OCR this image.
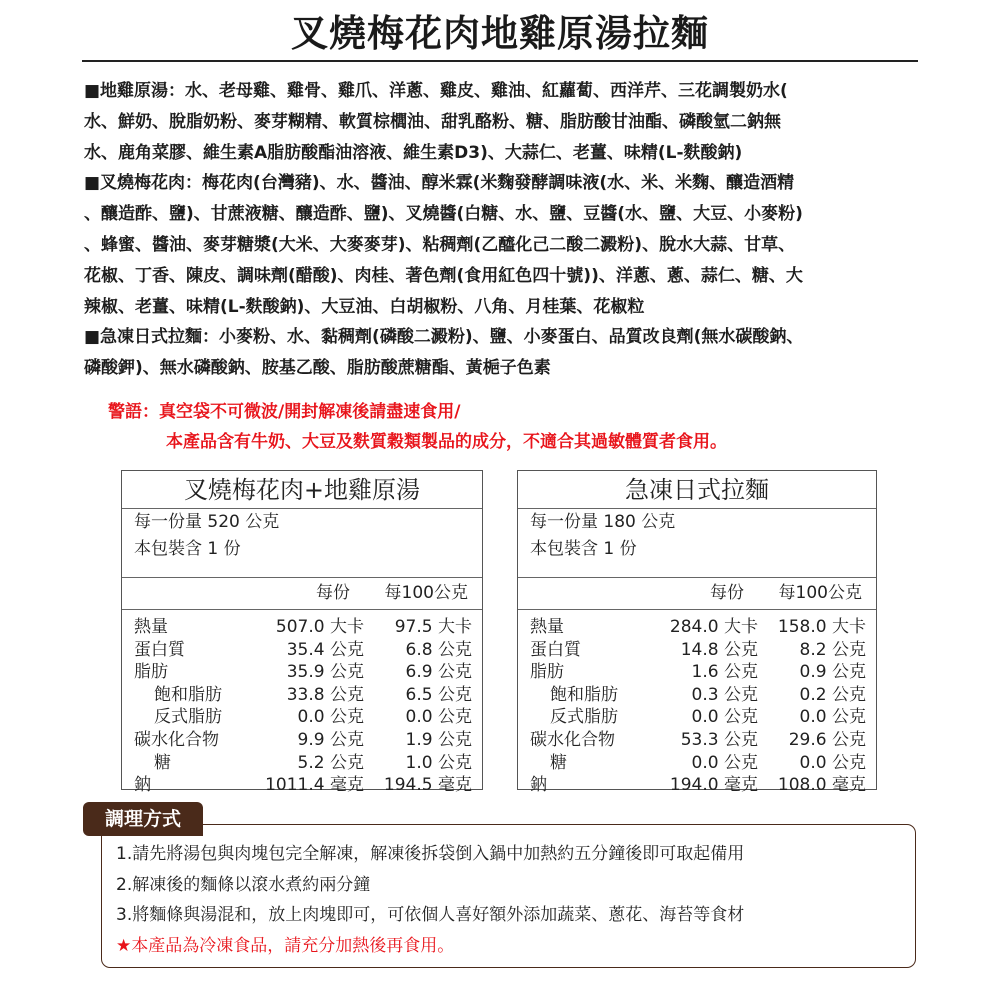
叉燒梅花肉地雞原湯拉麵
■地雞原湯：水、老母雞、雞骨、雞爪、洋蔥、雞皮、雞油、紅蘿蔔、西洋芹、三花調製奶水(
水、鮮奶、脫脂奶粉、麥芽糊精、軟質棕櫚油、甜乳酪粉、糖、脂肪酸甘油酯、磷酸氫二鈉無
水、鹿角菜膠、維生素A脂肪酸酯油溶液、維生素D3)、大蒜仁、老薑、味精(L-麩酸鈉)
■叉燒梅花肉：梅花肉(台灣豬)、水、醬油、醇米霖(米麴發酵調味液(水、米、米麴、釀造酒精
、釀造酢、鹽)、甘蔗液糖、釀造酢、鹽)、叉燒醬(白糖、水、鹽、豆醬(水、鹽、大豆、小麥粉)
、蜂蜜、醬油、麥芽糖漿(大米、大麥麥芽)、粘稠劑(乙醯化己二酸二澱粉)、脫水大蒜、甘草、
花椒、丁香、陳皮、調味劑(醋酸)、肉桂、著色劑(食用紅色四十號))、洋蔥、蔥、蒜仁、糖、大
辣椒、老薑、味精(L-麩酸鈉)、大豆油、白胡椒粉、八角、月桂葉、花椒粒
■急凍日式拉麵：小麥粉、水、黏稠劑(磷酸二澱粉)、鹽、小麥蛋白、品質改良劑(無水碳酸鈉、
磷酸鉀)、無水磷酸鈉、胺基乙酸、脂肪酸蔗糖酯、黃梔子色素
警語：真空袋不可微波/開封解凍後請盡速食用/
本產品含有牛奶、大豆及麩質穀類製品的成分，不適合其過敏體質者食用。
叉燒梅花肉+地雞原湯
每一份量 520 公克
本包裝含 1 份
每份 每100公克
熱量	507.0 大卡 97.5 大卡
蛋白質	35.4 公克 6.8 公克
脂肪	35.9 公克 6.9 公克
飽和脂肪	33.8 公克 6.5 公克
反式脂肪	0.0 公克 0.0 公克
碳水化合物	9.9 公克 1.9 公克
糖	5.2 公克 1.0 公克
鈉	1011.4 毫克 194.5 毫克
急凍日式拉麵
每一份量 180 公克
本包裝含 1 份
每份 每100公克
熱量	284.0 大卡 158.0 大卡
蛋白質	14.8 公克 8.2 公克
脂肪	1.6 公克 0.9 公克
飽和脂肪	0.3 公克 0.2 公克
反式脂肪	0.0 公克 0.0 公克
碳水化合物	53.3 公克 29.6 公克
糖	0.0 公克 0.0 公克
鈉	194.0 毫克 108.0 毫克
調理方式
1.請先將湯包與肉塊包完全解凍，解凍後拆袋倒入鍋中加熱約五分鐘後即可取起備用
2.解凍後的麵條以滾水煮約兩分鐘
3.將麵條與湯混和，放上肉塊即可，可依個人喜好額外添加蔬菜、蔥花、海苔等食材
★本產品為冷凍食品，請充分加熱後再食用。
